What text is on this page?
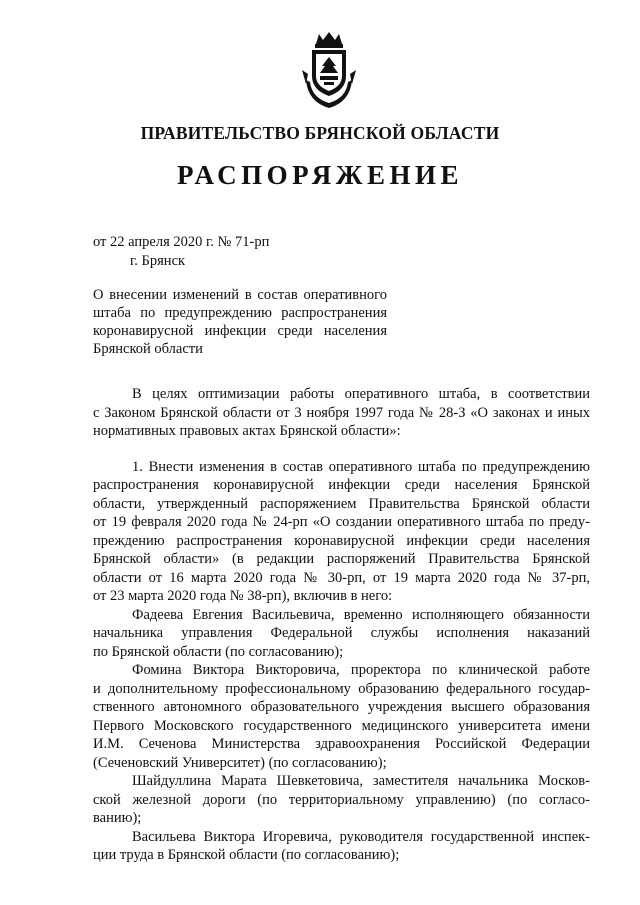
ПРАВИТЕЛЬСТВО БРЯНСКОЙ ОБЛАСТИ
РАСПОРЯЖЕНИЕ
от 22 апреля 2020 г. № 71-рп
г. Брянск
О внесении изменений в состав оперативного
штаба по предупреждению распространения
коронавирусной инфекции среди населения
Брянской области
В целях оптимизации работы оперативного штаба, в соответствии
с Законом Брянской области от 3 ноября 1997 года № 28-З «О законах и иных
нормативных правовых актах Брянской области»:
1. Внести изменения в состав оперативного штаба по предупреждению
распространения коронавирусной инфекции среди населения Брянской
области, утвержденный распоряжением Правительства Брянской области
от 19 февраля 2020 года № 24-рп «О создании оперативного штаба по преду-
преждению распространения коронавирусной инфекции среди населения
Брянской области» (в редакции распоряжений Правительства Брянской
области от 16 марта 2020 года № 30-рп, от 19 марта 2020 года № 37-рп,
от 23 марта 2020 года № 38-рп), включив в него:
Фадеева Евгения Васильевича, временно исполняющего обязанности
начальника управления Федеральной службы исполнения наказаний
по Брянской области (по согласованию);
Фомина Виктора Викторовича, проректора по клинической работе
и дополнительному профессиональному образованию федерального государ-
ственного автономного образовательного учреждения высшего образования
Первого Московского государственного медицинского университета имени
И.М. Сеченова Министерства здравоохранения Российской Федерации
(Сеченовский Университет) (по согласованию);
Шайдуллина Марата Шевкетовича, заместителя начальника Москов-
ской железной дороги (по территориальному управлению) (по согласо-
ванию);
Васильева Виктора Игоревича, руководителя государственной инспек-
ции труда в Брянской области (по согласованию);
